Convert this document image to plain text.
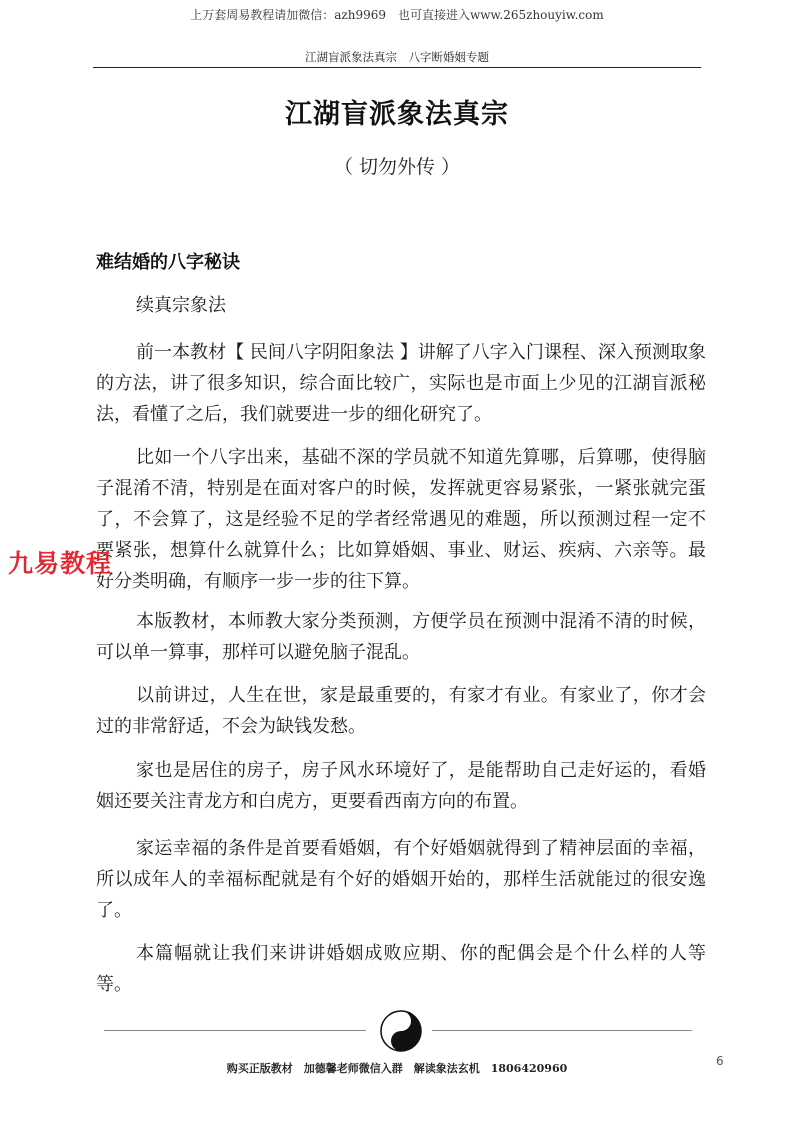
上万套周易教程请加微信：azh9969　也可直接进入www.265zhouyiw.com
江湖盲派象法真宗　八字断婚姻专题
江湖盲派象法真宗
（ 切勿外传 ）
难结婚的八字秘诀

续真宗象法

前一本教材【 民间八字阴阳象法 】讲解了八字入门课程、深入预测取象的方法，讲了很多知识，综合面比较广，实际也是市面上少见的江湖盲派秘法，看懂了之后，我们就要进一步的细化研究了。

比如一个八字出来，基础不深的学员就不知道先算哪，后算哪，使得脑子混淆不清，特别是在面对客户的时候，发挥就更容易紧张，一紧张就完蛋了，不会算了，这是经验不足的学者经常遇见的难题，所以预测过程一定不要紧张，想算什么就算什么；比如算婚姻、事业、财运、疾病、六亲等。最好分类明确，有顺序一步一步的往下算。

本版教材，本师教大家分类预测，方便学员在预测中混淆不清的时候，可以单一算事，那样可以避免脑子混乱。

以前讲过，人生在世，家是最重要的，有家才有业。有家业了，你才会过的非常舒适，不会为缺钱发愁。

家也是居住的房子，房子风水环境好了，是能帮助自己走好运的，看婚姻还要关注青龙方和白虎方，更要看西南方向的布置。

家运幸福的条件是首要看婚姻，有个好婚姻就得到了精神层面的幸福，所以成年人的幸福标配就是有个好的婚姻开始的，那样生活就能过的很安逸了。

本篇幅就让我们来讲讲婚姻成败应期、你的配偶会是个什么样的人等等。

九易教程
购买正版教材　加德馨老师微信入群　解读象法玄机　1806420960
6
